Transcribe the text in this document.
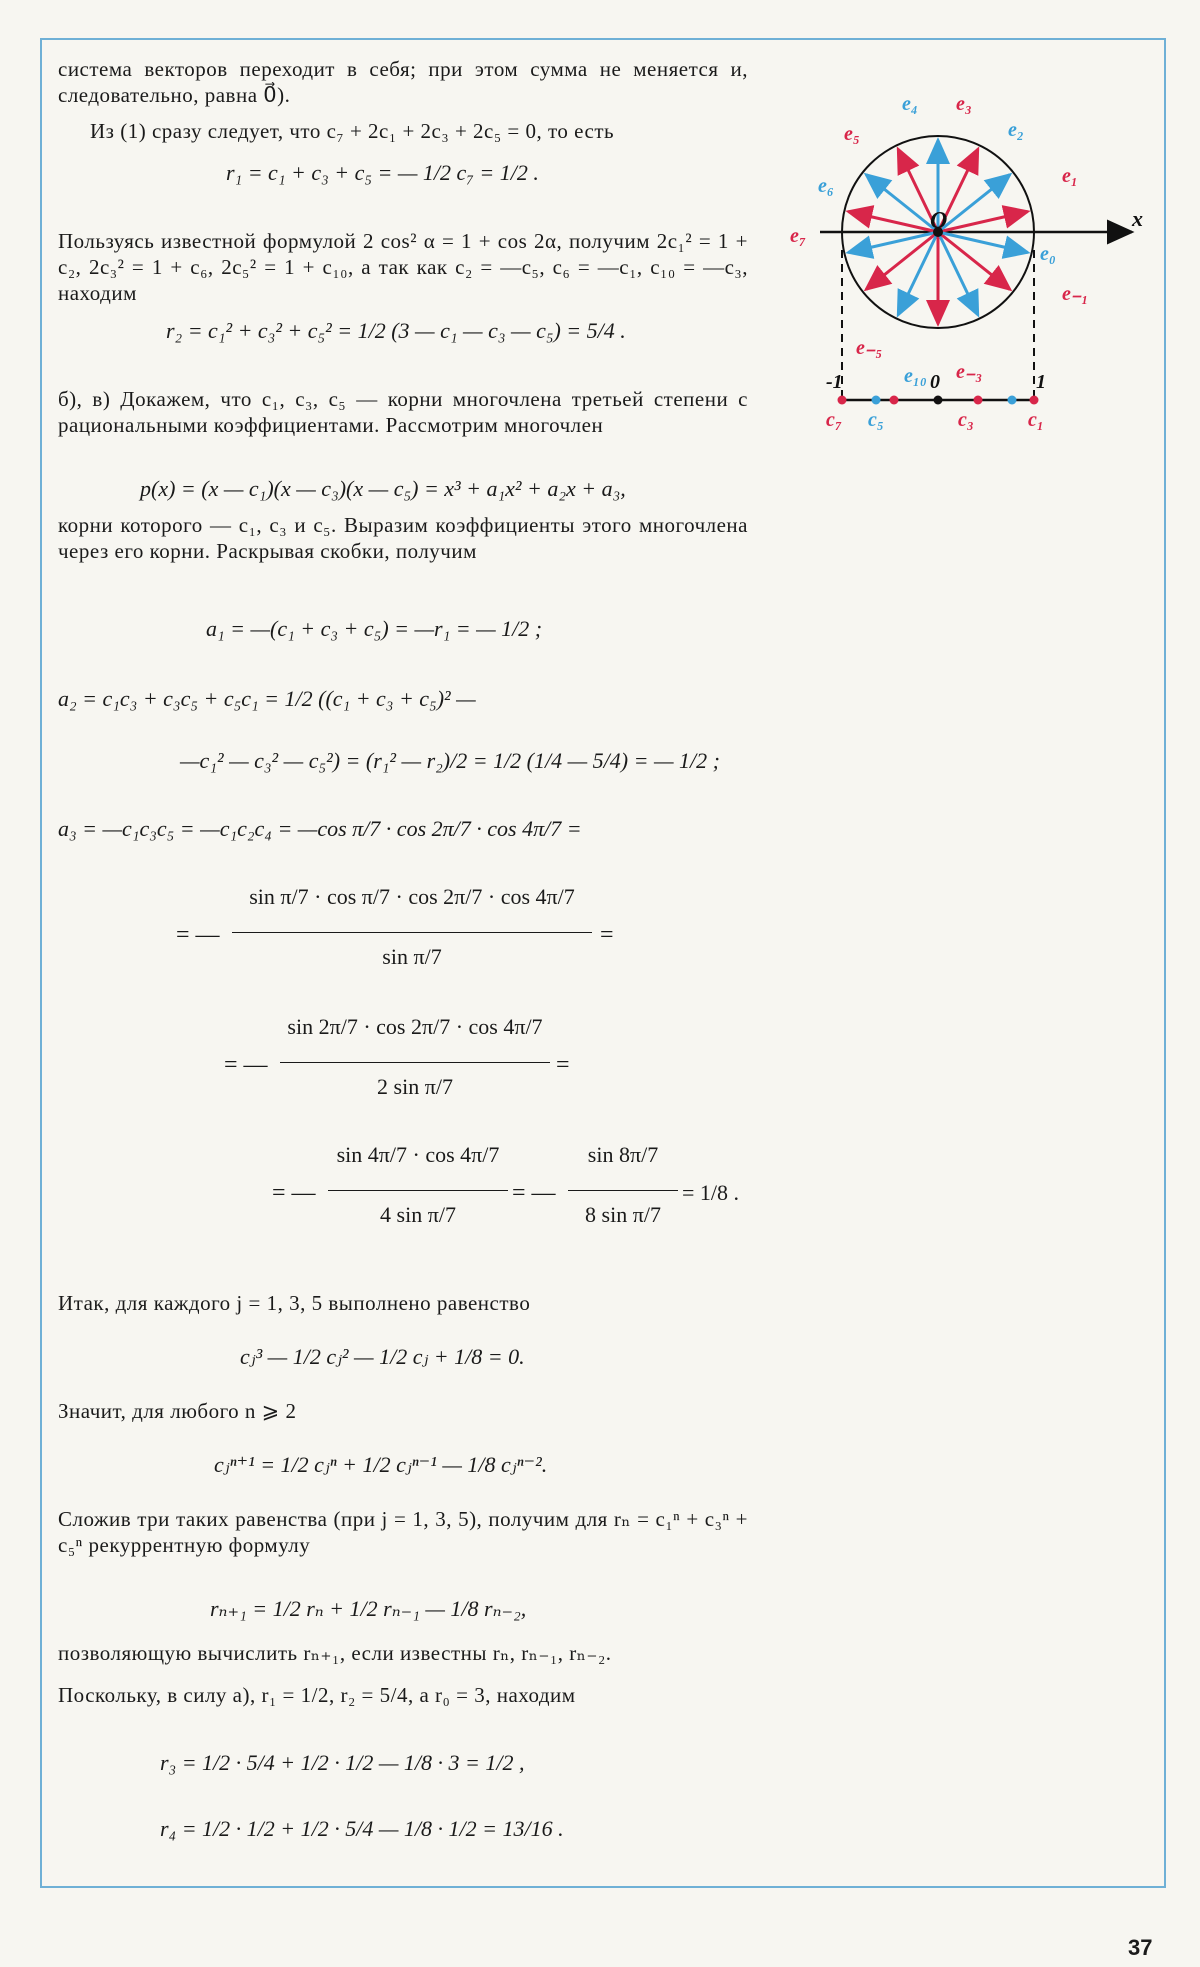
система векторов переходит в себя; при этом сумма не меняется и, следовательно, равна 0⃗).
Из (1) сразу следует, что c₇ + 2c₁ + 2c₃ + 2c₅ = 0, то есть
r₁ = c₁ + c₃ + c₅ = — 1/2 c₇ = 1/2 .
Пользуясь известной формулой 2 cos² α = 1 + cos 2α, получим 2c₁² = 1 + c₂, 2c₃² = 1 + c₆, 2c₅² = 1 + c₁₀, а так как c₂ = —c₅, c₆ = —c₁, c₁₀ = —c₃, находим
r₂ = c₁² + c₃² + c₅² = 1/2 (3 — c₁ — c₃ — c₅) = 5/4 .
б), в) Докажем, что c₁, c₃, c₅ — корни многочлена третьей степени с рациональными коэффициентами. Рассмотрим многочлен
p(x) = (x — c₁)(x — c₃)(x — c₅) = x³ + a₁x² + a₂x + a₃,
корни которого — c₁, c₃ и c₅. Выразим коэффициенты этого многочлена через его корни. Раскрывая скобки, получим
a₁ = —(c₁ + c₃ + c₅) = —r₁ = — 1/2 ;
a₂ = c₁c₃ + c₃c₅ + c₅c₁ = 1/2 ((c₁ + c₃ + c₅)² —
—c₁² — c₃² — c₅²) = (r₁² — r₂)/2 = 1/2 (1/4 — 5/4) = — 1/2 ;
a₃ = —c₁c₃c₅ = —c₁c₂c₄ = —cos π/7 · cos 2π/7 · cos 4π/7 =
= —
sin π/7 · cos π/7 · cos 2π/7 · cos 4π/7
sin π/7
=
= —
sin 2π/7 · cos 2π/7 · cos 4π/7
2 sin π/7
=
= —
sin 4π/7 · cos 4π/7
4 sin π/7
= —
sin 8π/7
8 sin π/7
= 1/8 .
Итак, для каждого j = 1, 3, 5 выполнено равенство
cⱼ³ — 1/2 cⱼ² — 1/2 cⱼ + 1/8 = 0.
Значит, для любого n ⩾ 2
cⱼⁿ⁺¹ = 1/2 cⱼⁿ + 1/2 cⱼⁿ⁻¹ — 1/8 cⱼⁿ⁻².
Сложив три таких равенства (при j = 1, 3, 5), получим для rₙ = c₁ⁿ + c₃ⁿ + c₅ⁿ рекуррентную формулу
rₙ₊₁ = 1/2 rₙ + 1/2 rₙ₋₁ — 1/8 rₙ₋₂,
позволяющую вычислить rₙ₊₁, если известны rₙ, rₙ₋₁, rₙ₋₂.
Поскольку, в силу а), r₁ = 1/2, r₂ = 5/4, а r₀ = 3, находим
r₃ = 1/2 · 5/4 + 1/2 · 1/2 — 1/8 · 3 = 1/2 ,
r₄ = 1/2 · 1/2 + 1/2 · 5/4 — 1/8 · 1/2 = 13/16 .
x
O
0
-1	1
e₁
e₂
e₃
e₄
e₅
e₆
e₇
e₀
e₋₁
e₁₀ e₋₃
e₋₅
c₇ c₅	c₃	c₁
37
